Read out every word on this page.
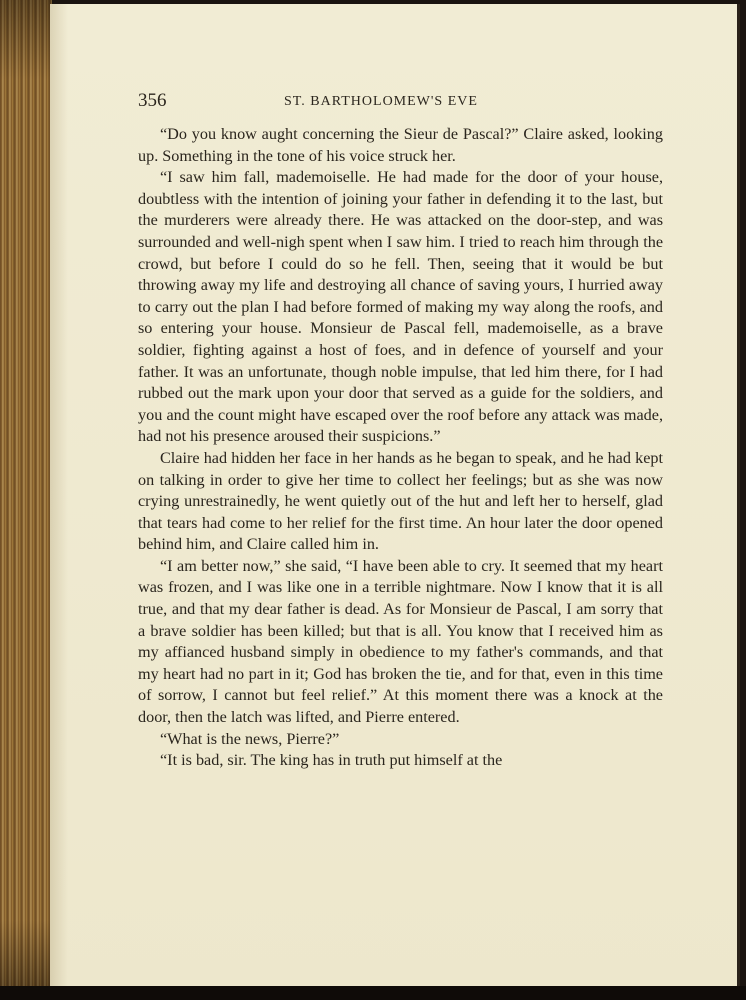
356	ST. BARTHOLOMEW'S EVE

“Do you know aught concerning the Sieur de Pascal?” Claire asked, looking up. Something in the tone of his voice struck her.

“I saw him fall, mademoiselle. He had made for the door of your house, doubtless with the intention of joining your father in defending it to the last, but the murderers were already there. He was attacked on the door-step, and was surrounded and well-nigh spent when I saw him. I tried to reach him through the crowd, but before I could do so he fell. Then, seeing that it would be but throwing away my life and destroying all chance of saving yours, I hurried away to carry out the plan I had before formed of making my way along the roofs, and so entering your house. Monsieur de Pascal fell, mademoiselle, as a brave soldier, fighting against a host of foes, and in defence of yourself and your father. It was an unfortunate, though noble impulse, that led him there, for I had rubbed out the mark upon your door that served as a guide for the soldiers, and you and the count might have escaped over the roof before any attack was made, had not his presence aroused their suspicions.”

Claire had hidden her face in her hands as he began to speak, and he had kept on talking in order to give her time to collect her feelings; but as she was now crying unrestrainedly, he went quietly out of the hut and left her to herself, glad that tears had come to her relief for the first time. An hour later the door opened behind him, and Claire called him in.

“I am better now,” she said, “I have been able to cry. It seemed that my heart was frozen, and I was like one in a terrible nightmare. Now I know that it is all true, and that my dear father is dead. As for Monsieur de Pascal, I am sorry that a brave soldier has been killed; but that is all. You know that I received him as my affianced husband simply in obedience to my father's commands, and that my heart had no part in it; God has broken the tie, and for that, even in this time of sorrow, I cannot but feel relief.” At this moment there was a knock at the door, then the latch was lifted, and Pierre entered.

“What is the news, Pierre?”

“It is bad, sir. The king has in truth put himself at the
